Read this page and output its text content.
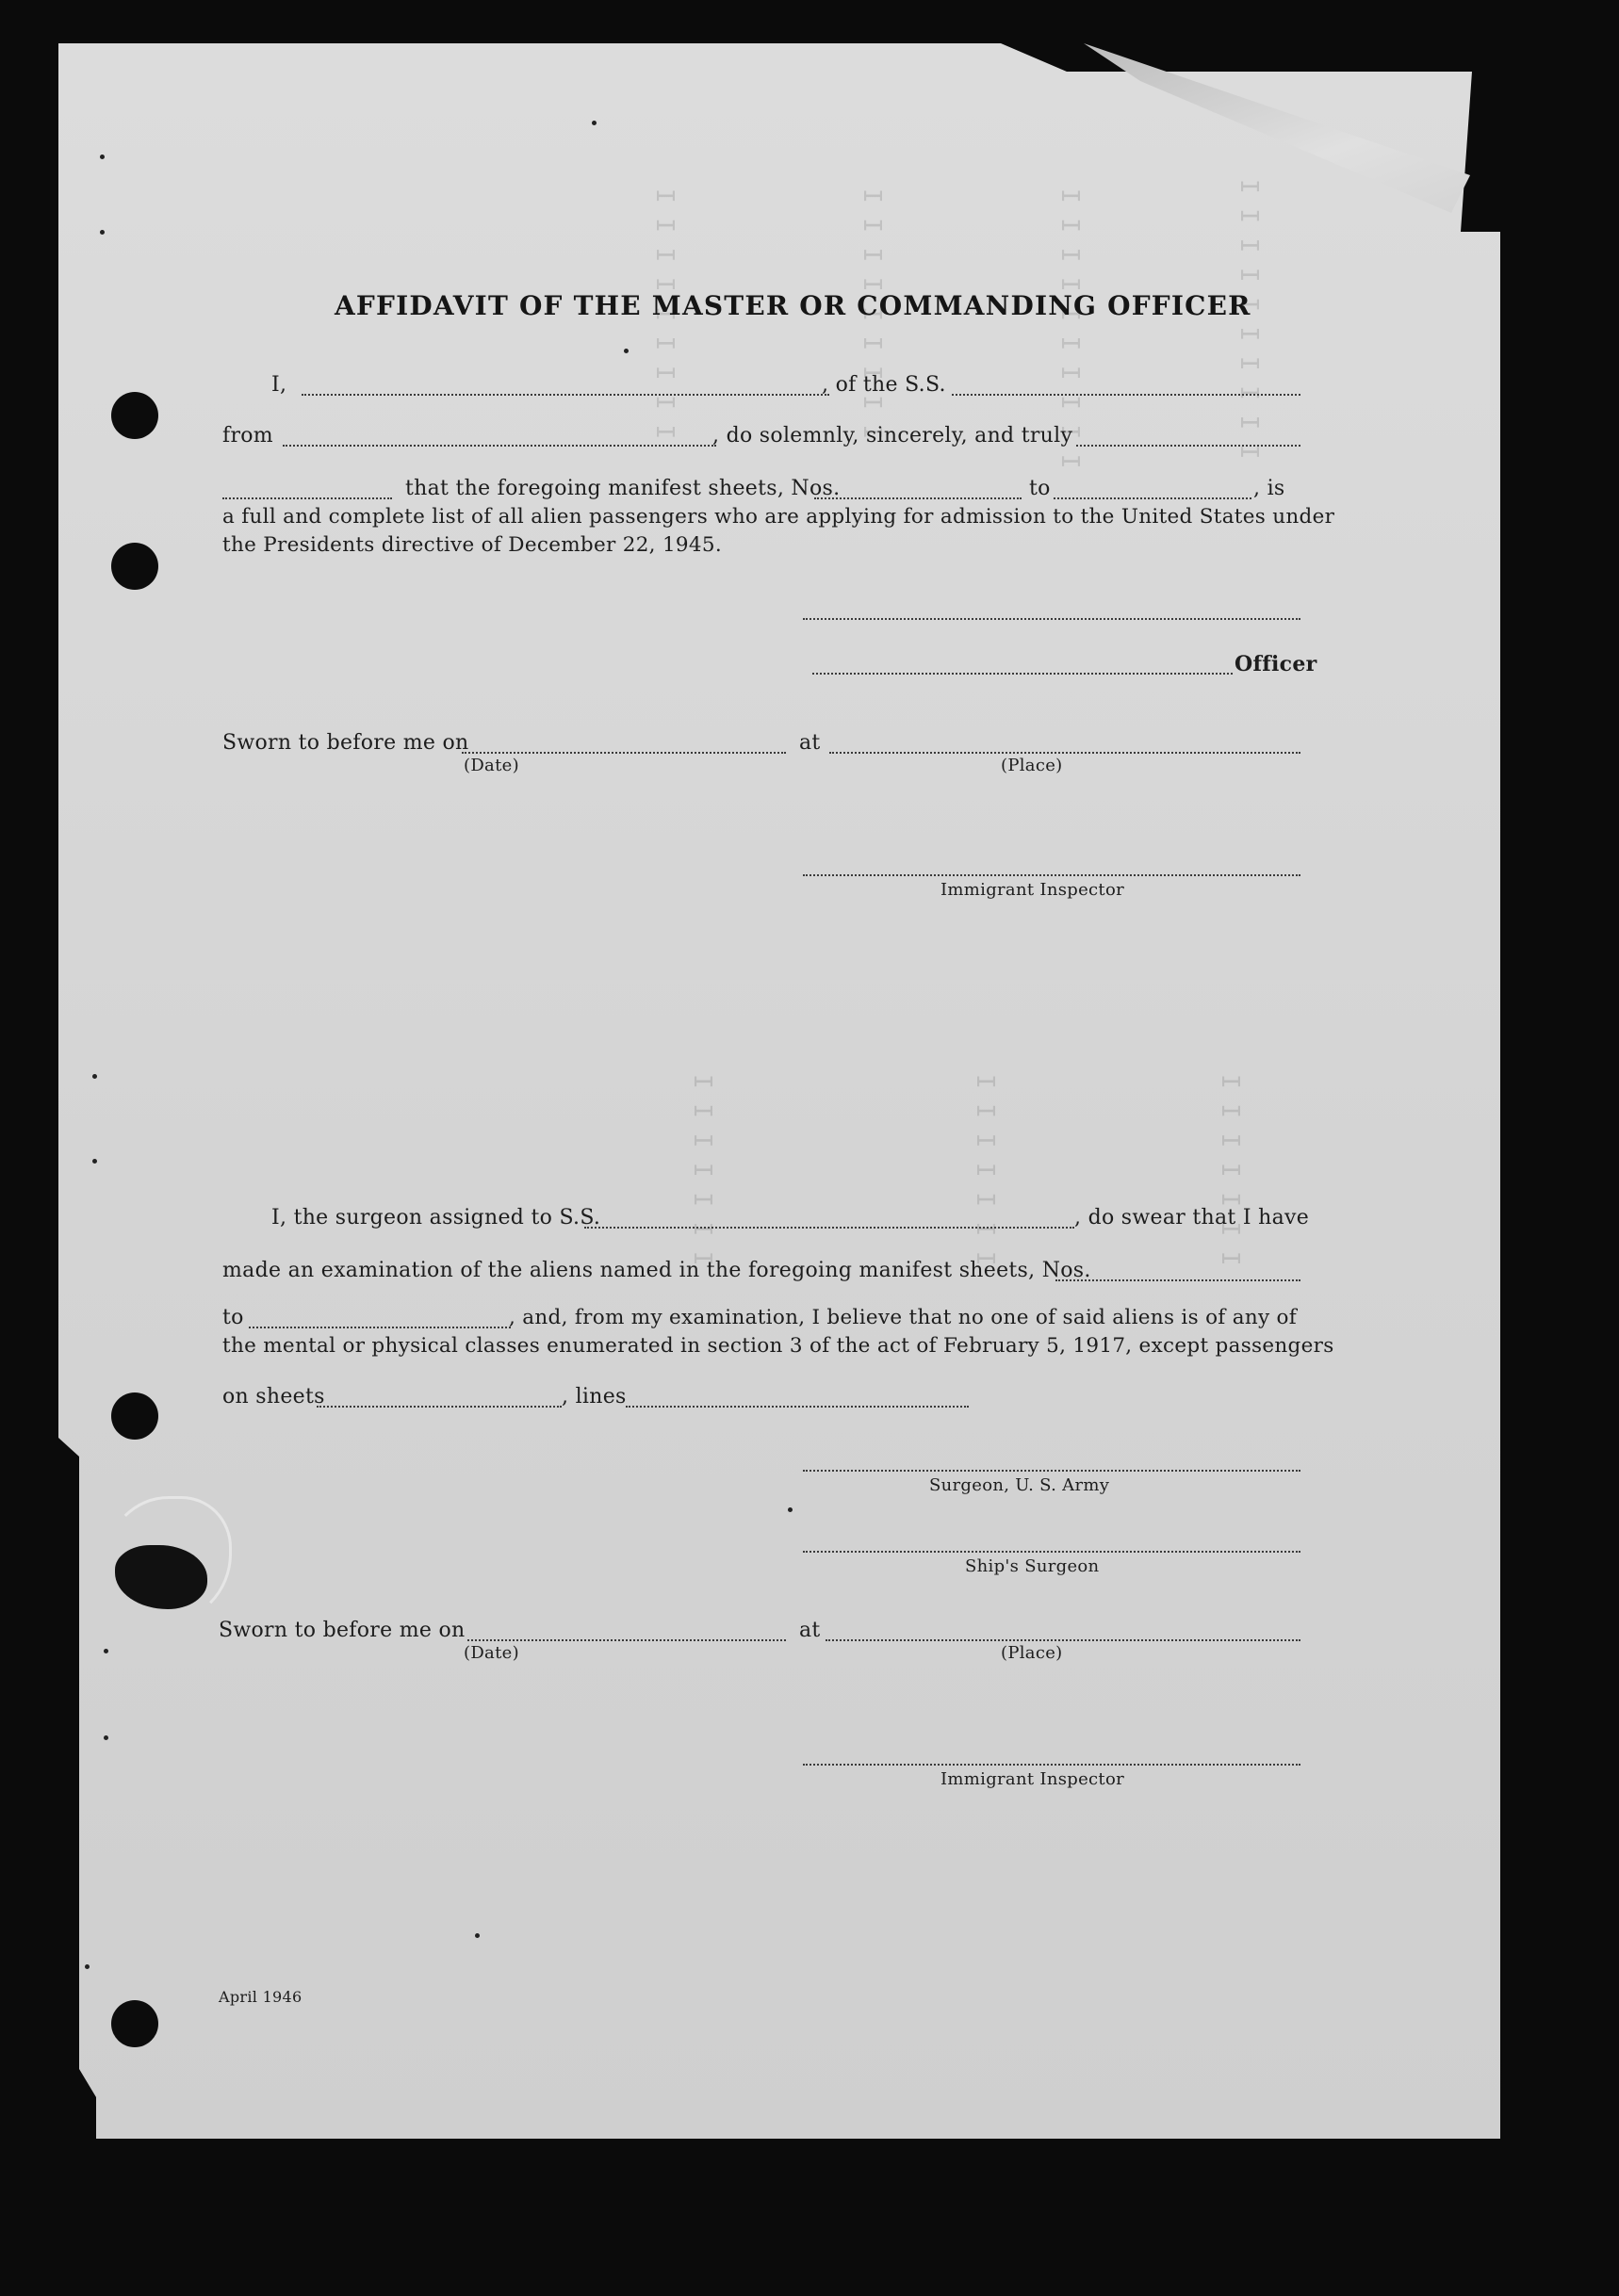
I I I I I I I I I I
I I I I I I I I I I
I I I I I I I I I
I I I I I I I I I
I I I I I I I
I I I I I I I
I I I I I I I
AFFIDAVIT OF THE MASTER OR COMMANDING OFFICER
I,	, of the S.S.
from	, do solemnly, sincerely, and truly
that the foregoing manifest sheets, Nos.	to	, is
a full and complete list of all alien passengers who are applying for admission to the United States under
the Presidents directive of December 22, 1945.
Officer
Sworn to before me on	at
(Date)	(Place)
Immigrant Inspector
I, the surgeon assigned to S.S.	, do swear that I have
made an examination of the aliens named in the foregoing manifest sheets, Nos.
to	, and, from my examination, I believe that no one of said aliens is of any of
the mental or physical classes enumerated in section 3 of the act of February 5, 1917, except passengers
on sheets	, lines
Surgeon, U. S. Army
Ship's Surgeon
Sworn to before me on	at
(Date)	(Place)
Immigrant Inspector
April 1946
